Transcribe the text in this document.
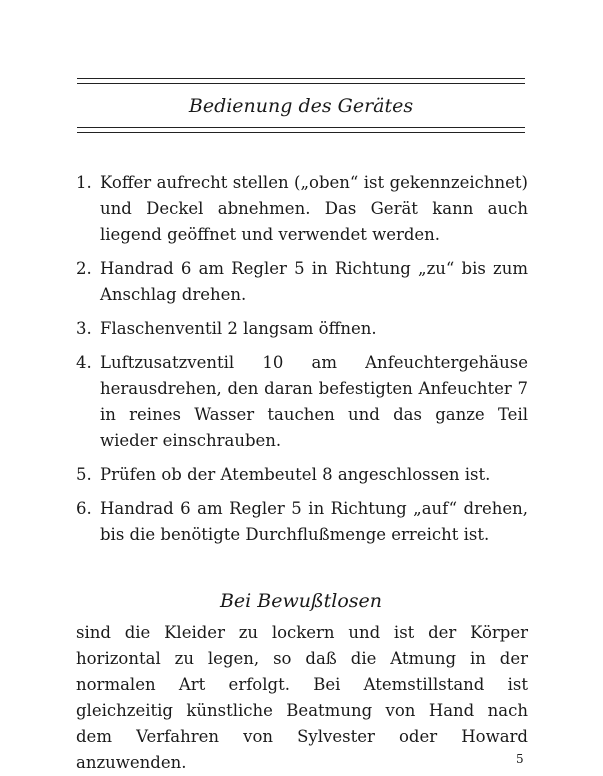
Bedienung des Gerätes
1. Koffer aufrecht stellen („oben“ ist gekennzeichnet) und Deckel abnehmen. Das Gerät kann auch liegend geöffnet und verwendet werden.
2. Handrad 6 am Regler 5 in Richtung „zu“ bis zum Anschlag drehen.
3. Flaschenventil 2 langsam öffnen.
4. Luftzusatzventil 10 am Anfeuchtergehäuse herausdrehen, den daran befestigten Anfeuchter 7 in reines Wasser tauchen und das ganze Teil wieder einschrauben.
5. Prüfen ob der Atembeutel 8 angeschlossen ist.
6. Handrad 6 am Regler 5 in Richtung „auf“ drehen, bis die benötigte Durchflußmenge erreicht ist.
Bei Bewußtlosen

sind die Kleider zu lockern und ist der Körper horizontal zu legen, so daß die Atmung in der normalen Art erfolgt. Bei Atemstillstand ist gleichzeitig künstliche Beatmung von Hand nach dem Verfahren von Sylvester oder Howard anzuwenden.	5
